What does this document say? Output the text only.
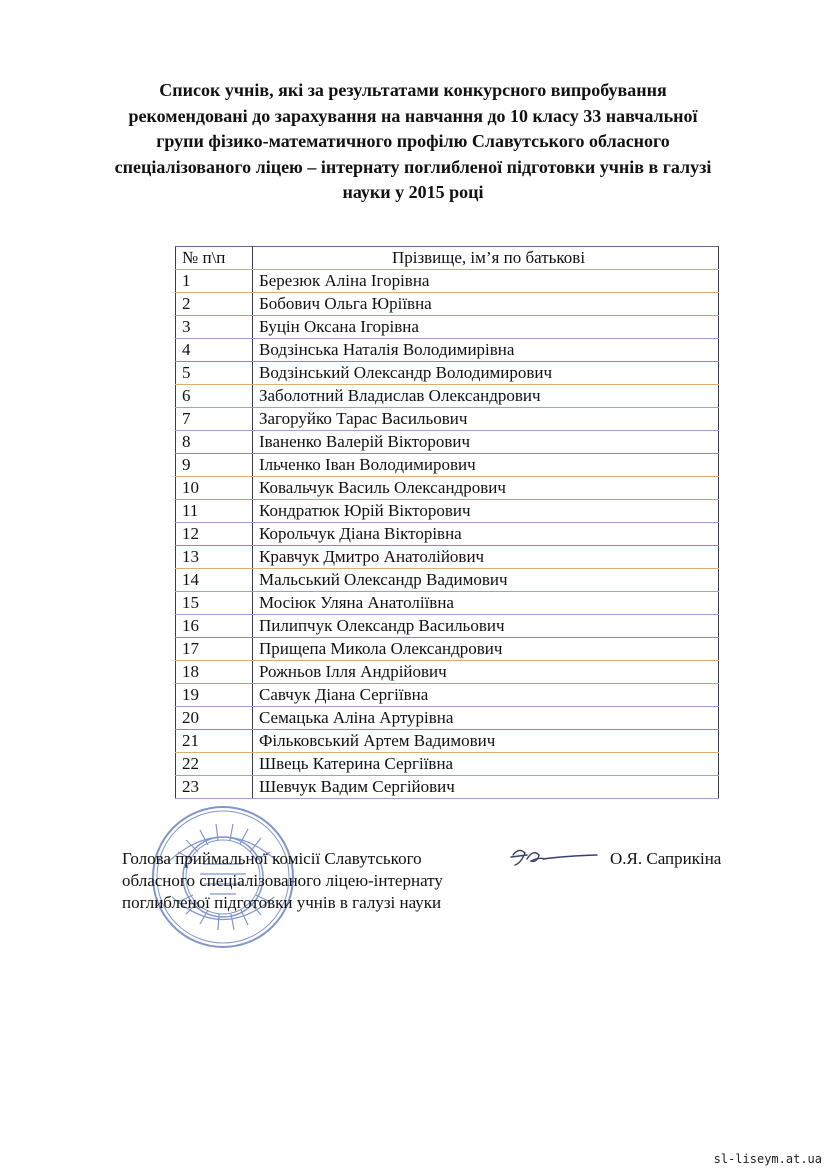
Список учнів, які за результатами конкурсного випробування
рекомендовані до зарахування на навчання до 10 класу 33 навчальної
групи фізико-математичного профілю Славутського обласного
спеціалізованого ліцею – інтернату поглибленої підготовки учнів в галузі
науки у 2015 році
№ п\п	Прізвище, ім’я по батькові
1	Березюк Аліна Ігорівна
2	Бобович Ольга Юріївна
3	Буцін Оксана Ігорівна
4	Водзінська Наталія Володимирівна
5	Водзінський Олександр Володимирович
6	Заболотний Владислав Олександрович
7	Загоруйко Тарас Васильович
8	Іваненко Валерій Вікторович
9	Ільченко Іван Володимирович
10	Ковальчук Василь Олександрович
11	Кондратюк Юрій Вікторович
12	Корольчук Діана Вікторівна
13	Кравчук Дмитро Анатолійович
14	Мальський Олександр Вадимович
15	Мосіюк Уляна Анатоліївна
16	Пилипчук Олександр Васильович
17	Прищепа Микола Олександрович
18	Рожньов Ілля Андрійович
19	Савчук Діана Сергіївна
20	Семацька Аліна Артурівна
21	Фільковський Артем Вадимович
22	Швець Катерина Сергіївна
23	Шевчук Вадим Сергійович
Голова приймальної комісії Славутського
обласного спеціалізованого ліцею-інтернату
поглибленої підготовки учнів в галузі науки
О.Я. Саприкіна
sl-liseym.at.ua
